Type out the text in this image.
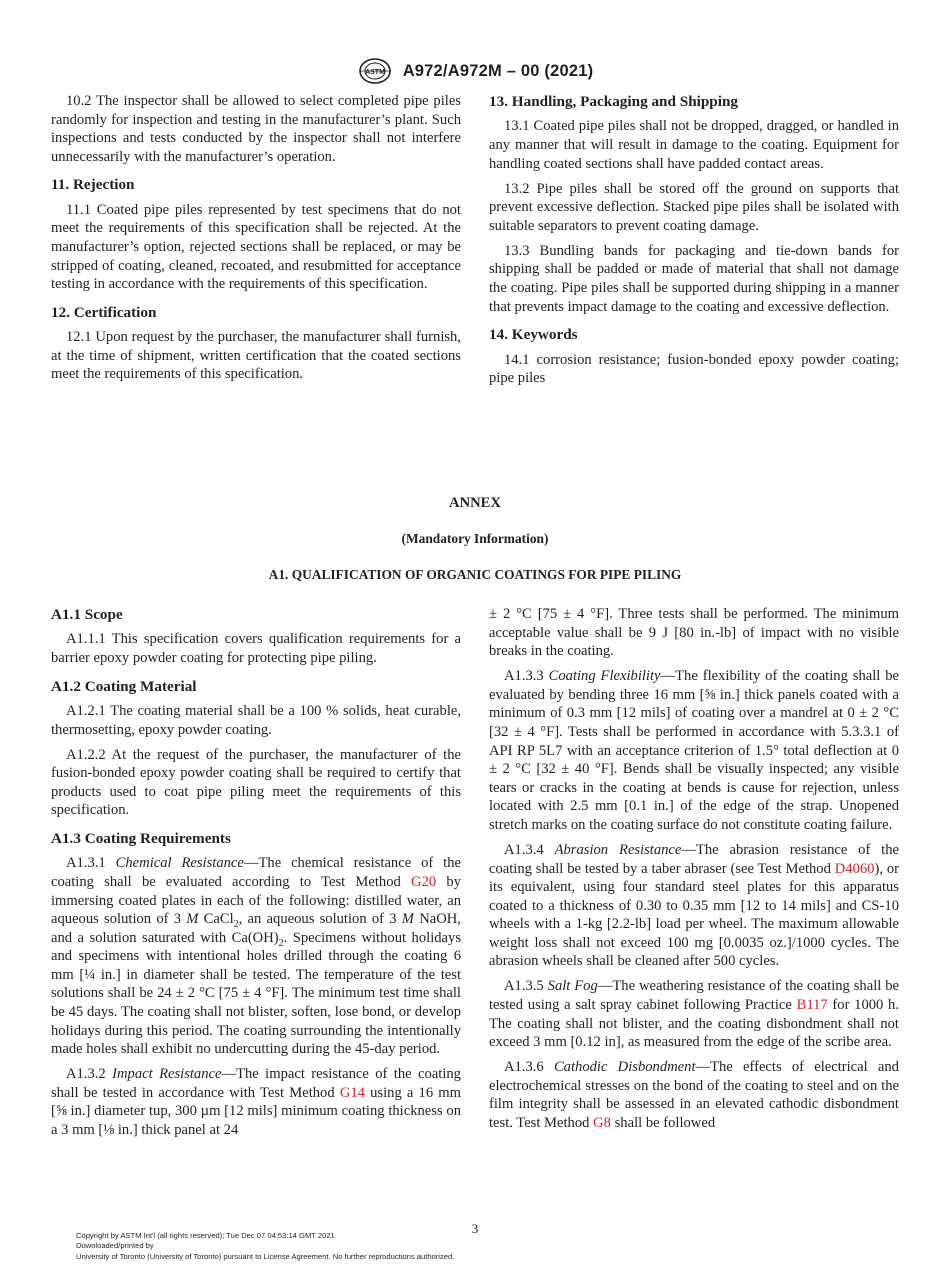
ASTM A972/A972M – 00 (2021)

10.2 The inspector shall be allowed to select completed pipe piles randomly for inspection and testing in the manufacturer’s plant. Such inspections and tests conducted by the inspector shall not interfere unnecessarily with the manufacturer’s operation.

11. Rejection

11.1 Coated pipe piles represented by test specimens that do not meet the requirements of this specification shall be rejected. At the manufacturer’s option, rejected sections shall be replaced, or may be stripped of coating, cleaned, recoated, and resubmitted for acceptance testing in accordance with the requirements of this specification.

12. Certification

12.1 Upon request by the purchaser, the manufacturer shall furnish, at the time of shipment, written certification that the coated sections meet the requirements of this specification.

13. Handling, Packaging and Shipping

13.1 Coated pipe piles shall not be dropped, dragged, or handled in any manner that will result in damage to the coating. Equipment for handling coated sections shall have padded contact areas.

13.2 Pipe piles shall be stored off the ground on supports that prevent excessive deflection. Stacked pipe piles shall be isolated with suitable separators to prevent coating damage.

13.3 Bundling bands for packaging and tie-down bands for shipping shall be padded or made of material that shall not damage the coating. Pipe piles shall be supported during shipping in a manner that prevents impact damage to the coating and excessive deflection.

14. Keywords

14.1 corrosion resistance; fusion-bonded epoxy powder coating; pipe piles

ANNEX
(Mandatory Information)
A1. QUALIFICATION OF ORGANIC COATINGS FOR PIPE PILING
A1.1 Scope

A1.1.1 This specification covers qualification requirements for a barrier epoxy powder coating for protecting pipe piling.

A1.2 Coating Material

A1.2.1 The coating material shall be a 100 % solids, heat curable, thermosetting, epoxy powder coating.

A1.2.2 At the request of the purchaser, the manufacturer of the fusion-bonded epoxy powder coating shall be required to certify that products used to coat pipe piling meet the requirements of this specification.

A1.3 Coating Requirements

A1.3.1 Chemical Resistance—The chemical resistance of the coating shall be evaluated according to Test Method G20 by immersing coated plates in each of the following: distilled water, an aqueous solution of 3 M CaCl$_2$, an aqueous solution of 3 M NaOH, and a solution saturated with $Ca(OH)_2$. Specimens without holidays and specimens with intentional holes drilled through the coating 6 mm [¼ in.] in diameter shall be tested. The temperature of the test solutions shall be 24 ± 2 °C [75 ± 4 °F]. The minimum test time shall be 45 days. The coating shall not blister, soften, lose bond, or develop holidays during this period. The coating surrounding the intentionally made holes shall exhibit no undercutting during the 45-day period.

A1.3.2 Impact Resistance—The impact resistance of the coating shall be tested in accordance with Test Method G14 using a 16 mm [⅝ in.] diameter tup, 300 µm [12 mils] minimum coating thickness on a 3 mm [⅛ in.] thick panel at 24

± 2 °C [75 ± 4 °F]. Three tests shall be performed. The minimum acceptable value shall be 9 J [80 in.-lb] of impact with no visible breaks in the coating.

A1.3.3 Coating Flexibility—The flexibility of the coating shall be evaluated by bending three 16 mm [⅝ in.] thick panels coated with a minimum of 0.3 mm [12 mils] of coating over a mandrel at 0 ± 2 °C [32 ± 4 °F]. Tests shall be performed in accordance with 5.3.3.1 of API RP 5L7 with an acceptance criterion of 1.5° total deflection at 0 ± 2 °C [32 ± 40 °F]. Bends shall be visually inspected; any visible tears or cracks in the coating at bends is cause for rejection, unless located with 2.5 mm [0.1 in.] of the edge of the strap. Unopened stretch marks on the coating surface do not constitute coating failure.

A1.3.4 Abrasion Resistance—The abrasion resistance of the coating shall be tested by a taber abraser (see Test Method D4060), or its equivalent, using four standard steel plates for this apparatus coated to a thickness of 0.30 to 0.35 mm [12 to 14 mils] and CS-10 wheels with a 1-kg [2.2-lb] load per wheel. The maximum allowable weight loss shall not exceed 100 mg [0.0035 oz.]/1000 cycles. The abrasion wheels shall be cleaned after 500 cycles.

A1.3.5 Salt Fog—The weathering resistance of the coating shall be tested using a salt spray cabinet following Practice B117 for 1000 h. The coating shall not blister, and the coating disbondment shall not exceed 3 mm [0.12 in], as measured from the edge of the scribe area.

A1.3.6 Cathodic Disbondment—The effects of electrical and electrochemical stresses on the bond of the coating to steel and on the film integrity shall be assessed in an elevated cathodic disbondment test. Test Method G8 shall be followed

3
Copyright by ASTM Int'l (all rights reserved); Tue Dec 07 04:53:14 GMT 2021
Downloaded/printed by
University of Toronto (University of Toronto) pursuant to License Agreement. No further reproductions authorized.
